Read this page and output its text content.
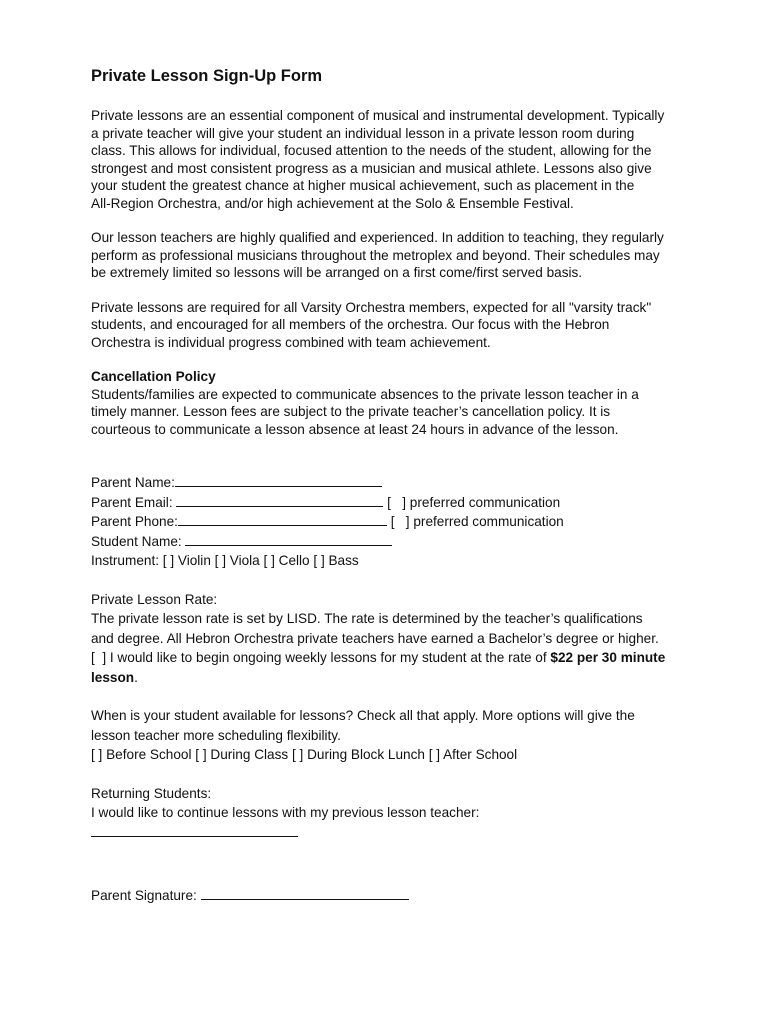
Private Lesson Sign-Up Form
Private lessons are an essential component of musical and instrumental development. Typically
a private teacher will give your student an individual lesson in a private lesson room during
class. This allows for individual, focused attention to the needs of the student, allowing for the
strongest and most consistent progress as a musician and musical athlete. Lessons also give
your student the greatest chance at higher musical achievement, such as placement in the
All-Region Orchestra, and/or high achievement at the Solo & Ensemble Festival.
Our lesson teachers are highly qualified and experienced. In addition to teaching, they regularly
perform as professional musicians throughout the metroplex and beyond. Their schedules may
be extremely limited so lessons will be arranged on a first come/first served basis.
Private lessons are required for all Varsity Orchestra members, expected for all "varsity track"
students, and encouraged for all members of the orchestra. Our focus with the Hebron
Orchestra is individual progress combined with team achievement.
Cancellation Policy
Students/families are expected to communicate absences to the private lesson teacher in a
timely manner. Lesson fees are subject to the private teacher’s cancellation policy. It is
courteous to communicate a lesson absence at least 24 hours in advance of the lesson.
Parent Name:
Parent Email:	[   ] preferred communication
Parent Phone:	[   ] preferred communication
Student Name:
Instrument: [ ] Violin [ ] Viola [ ] Cello [ ] Bass
Private Lesson Rate:
The private lesson rate is set by LISD. The rate is determined by the teacher’s qualifications
and degree. All Hebron Orchestra private teachers have earned a Bachelor’s degree or higher.
[  ] I would like to begin ongoing weekly lessons for my student at the rate of $22 per 30 minute
lesson.
When is your student available for lessons? Check all that apply. More options will give the
lesson teacher more scheduling flexibility.
[ ] Before School [ ] During Class [ ] During Block Lunch [ ] After School
Returning Students:
I would like to continue lessons with my previous lesson teacher:
Parent Signature:
